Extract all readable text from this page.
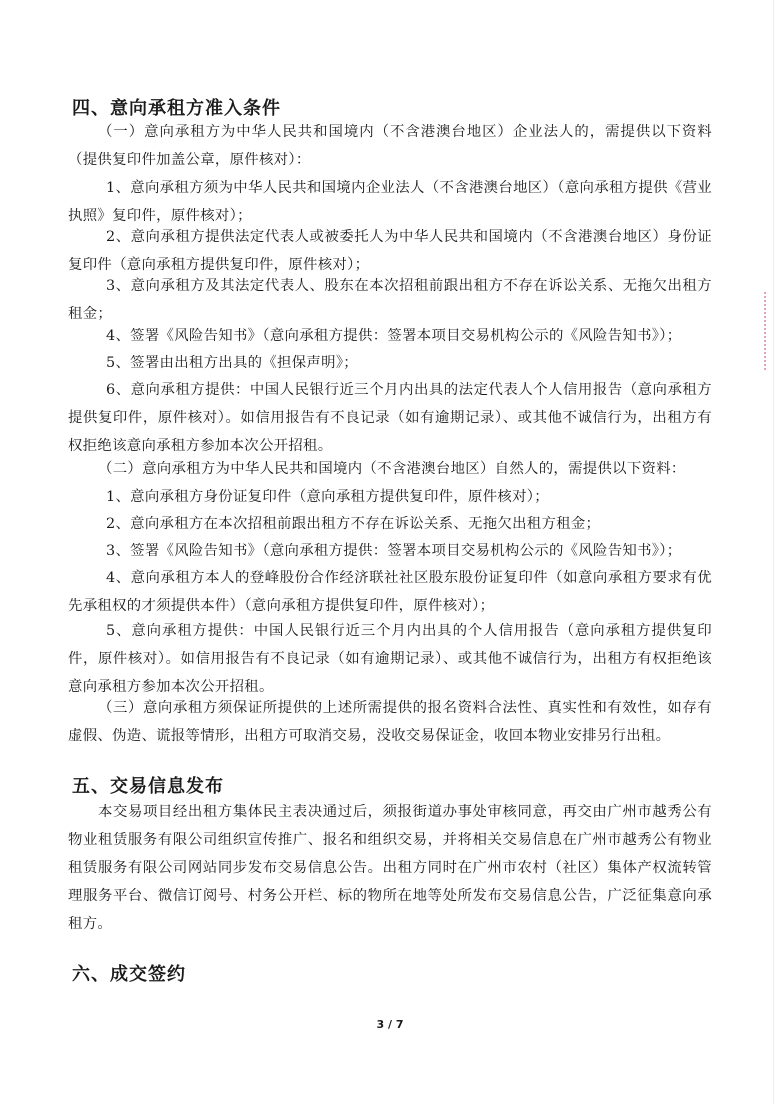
四、意向承租方准入条件
（一）意向承租方为中华人民共和国境内（不含港澳台地区）企业法人的，需提供以下资料（提供复印件加盖公章，原件核对）：
1、意向承租方须为中华人民共和国境内企业法人（不含港澳台地区）（意向承租方提供《营业执照》复印件，原件核对）；
2、意向承租方提供法定代表人或被委托人为中华人民共和国境内（不含港澳台地区）身份证复印件（意向承租方提供复印件，原件核对）；
3、意向承租方及其法定代表人、股东在本次招租前跟出租方不存在诉讼关系、无拖欠出租方租金；
4、签署《风险告知书》（意向承租方提供：签署本项目交易机构公示的《风险告知书》）；
5、签署由出租方出具的《担保声明》；
6、意向承租方提供：中国人民银行近三个月内出具的法定代表人个人信用报告（意向承租方提供复印件，原件核对）。如信用报告有不良记录（如有逾期记录）、或其他不诚信行为，出租方有权拒绝该意向承租方参加本次公开招租。
（二）意向承租方为中华人民共和国境内（不含港澳台地区）自然人的，需提供以下资料：
1、意向承租方身份证复印件（意向承租方提供复印件，原件核对）；
2、意向承租方在本次招租前跟出租方不存在诉讼关系、无拖欠出租方租金；
3、签署《风险告知书》（意向承租方提供：签署本项目交易机构公示的《风险告知书》）；
4、意向承租方本人的登峰股份合作经济联社社区股东股份证复印件（如意向承租方要求有优先承租权的才须提供本件）（意向承租方提供复印件，原件核对）；
5、意向承租方提供：中国人民银行近三个月内出具的个人信用报告（意向承租方提供复印件，原件核对）。如信用报告有不良记录（如有逾期记录）、或其他不诚信行为，出租方有权拒绝该意向承租方参加本次公开招租。
（三）意向承租方须保证所提供的上述所需提供的报名资料合法性、真实性和有效性，如存有虚假、伪造、谎报等情形，出租方可取消交易，没收交易保证金，收回本物业安排另行出租。
五、交易信息发布
本交易项目经出租方集体民主表决通过后，须报街道办事处审核同意，再交由广州市越秀公有物业租赁服务有限公司组织宣传推广、报名和组织交易，并将相关交易信息在广州市越秀公有物业租赁服务有限公司网站同步发布交易信息公告。出租方同时在广州市农村（社区）集体产权流转管理服务平台、微信订阅号、村务公开栏、标的物所在地等处所发布交易信息公告，广泛征集意向承租方。
六、成交签约
3 / 7
